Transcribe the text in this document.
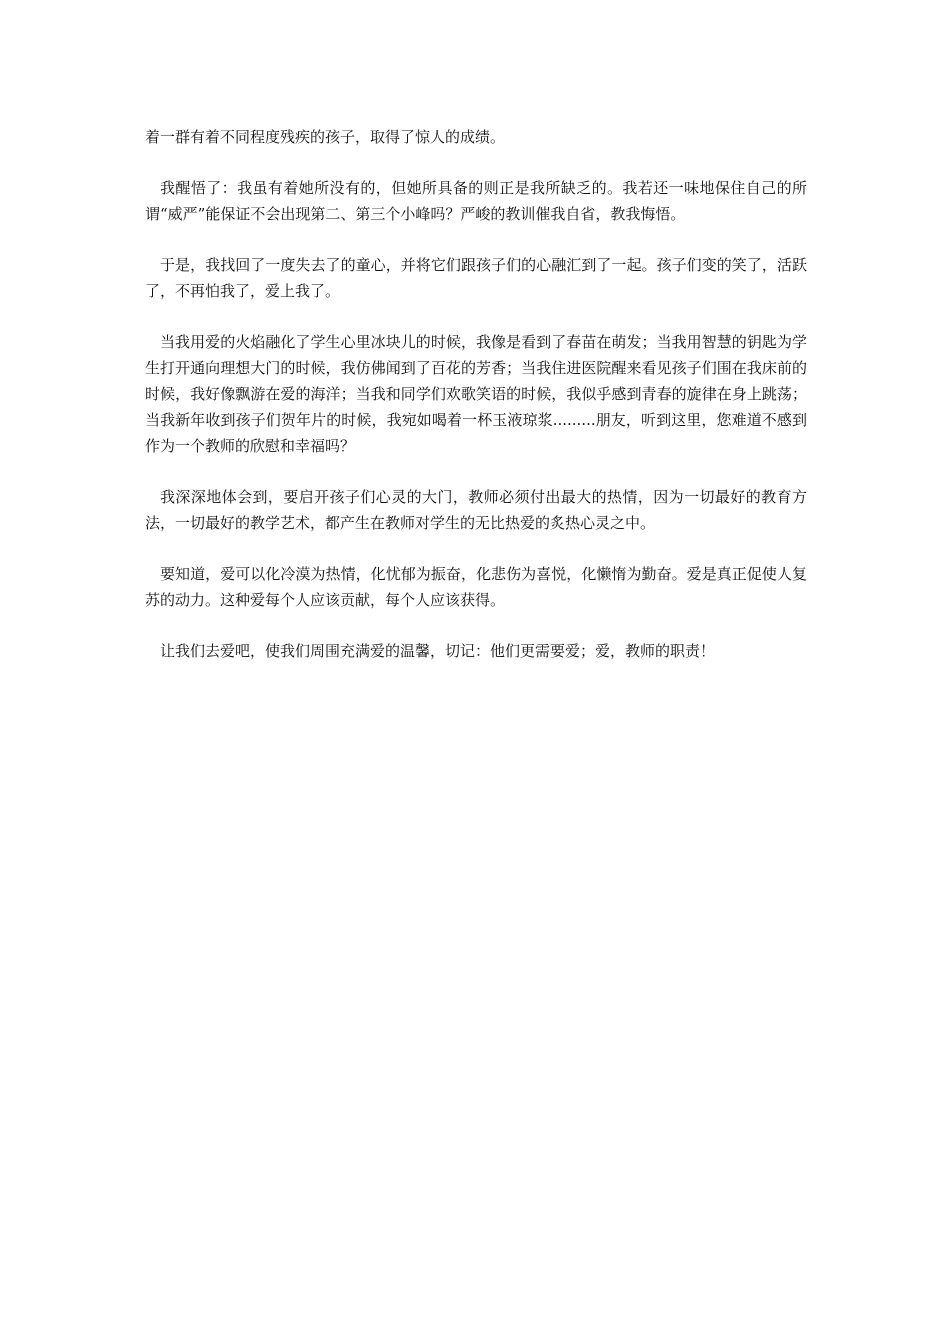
着一群有着不同程度残疾的孩子，取得了惊人的成绩。

我醒悟了：我虽有着她所没有的，但她所具备的则正是我所缺乏的。我若还一味地保住自己的所谓“威严”能保证不会出现第二、第三个小峰吗？严峻的教训催我自省，教我悔悟。

于是，我找回了一度失去了的童心，并将它们跟孩子们的心融汇到了一起。孩子们变的笑了，活跃了，不再怕我了，爱上我了。

当我用爱的火焰融化了学生心里冰块儿的时候，我像是看到了春苗在萌发；当我用智慧的钥匙为学生打开通向理想大门的时候，我仿佛闻到了百花的芳香；当我住进医院醒来看见孩子们围在我床前的时候，我好像飘游在爱的海洋；当我和同学们欢歌笑语的时候，我似乎感到青春的旋律在身上跳荡；当我新年收到孩子们贺年片的时候，我宛如喝着一杯玉液琼浆.........朋友，听到这里，您难道不感到作为一个教师的欣慰和幸福吗？

我深深地体会到，要启开孩子们心灵的大门，教师必须付出最大的热情，因为一切最好的教育方法，一切最好的教学艺术，都产生在教师对学生的无比热爱的炙热心灵之中。

要知道，爱可以化冷漠为热情，化忧郁为振奋，化悲伤为喜悦，化懒惰为勤奋。爱是真正促使人复苏的动力。这种爱每个人应该贡献，每个人应该获得。

让我们去爱吧，使我们周围充满爱的温馨，切记：他们更需要爱；爱，教师的职责！
